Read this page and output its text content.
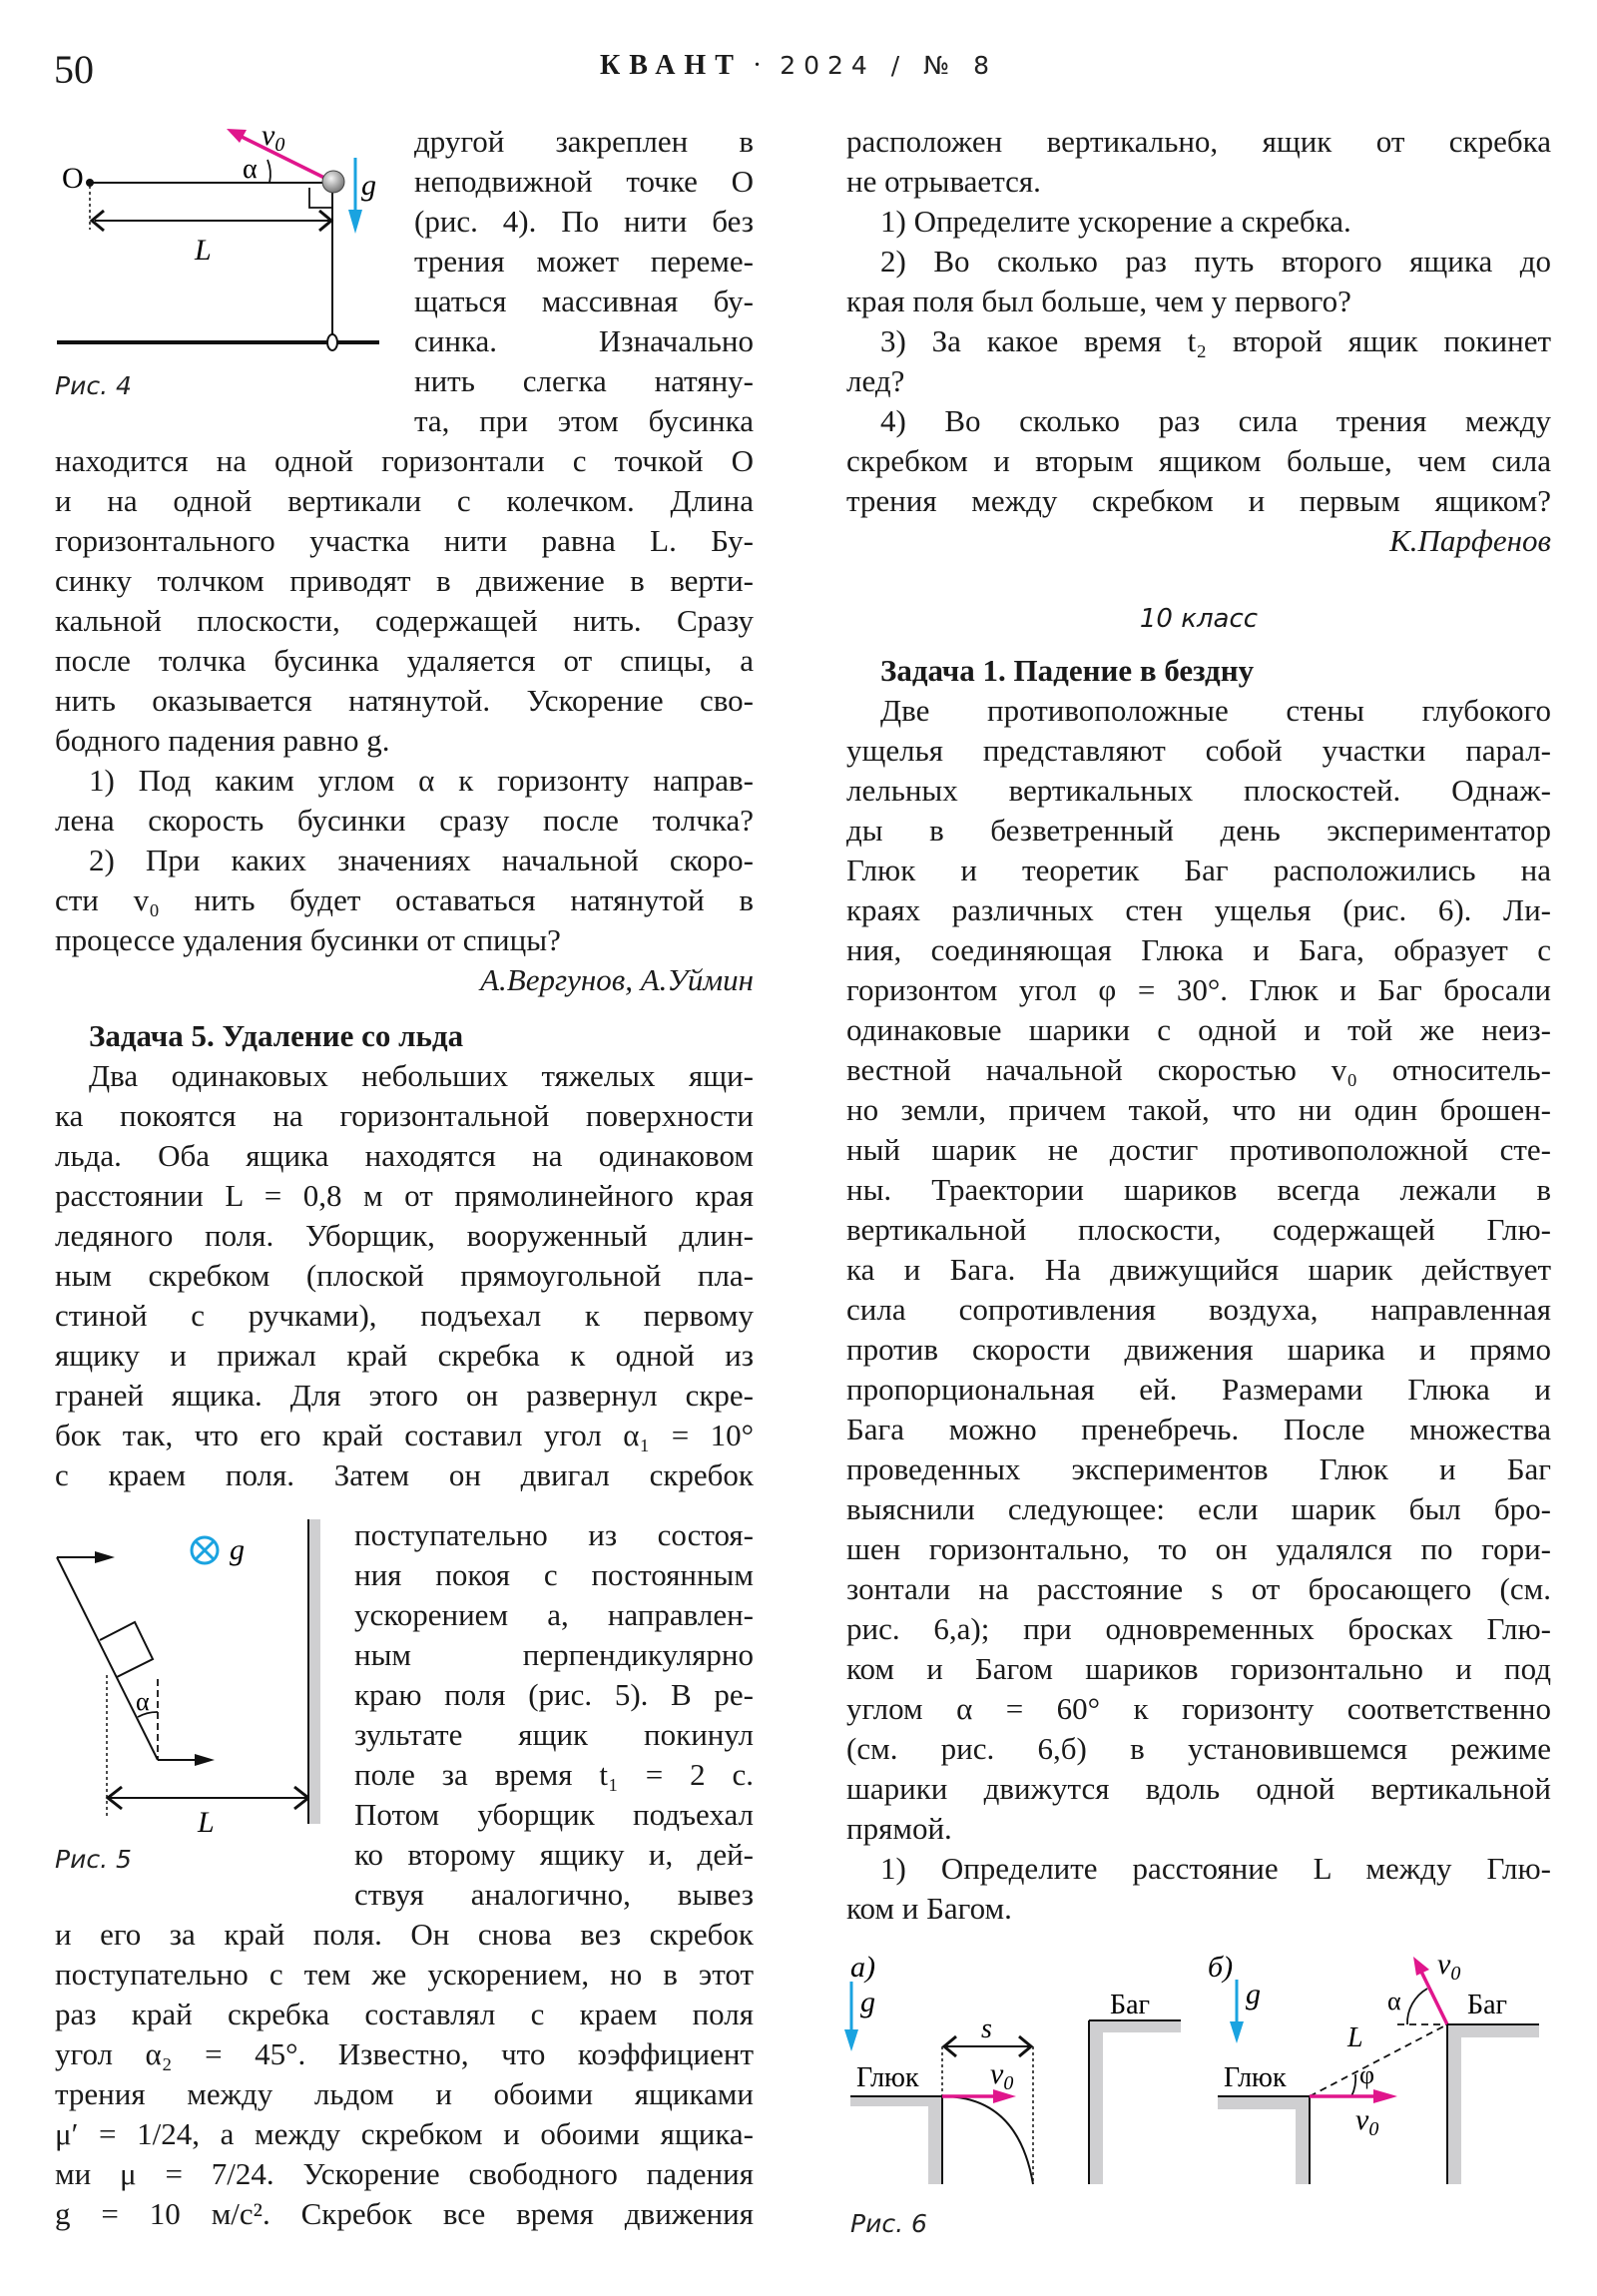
50	КВАНТ · 2024 / № 8
O
L
α
$v_0$
g
Рис. 4
другой закреплен в
неподвижной точке O
(рис. 4). По нити без
трения может переме-
щаться массивная бу-
синка. Изначально
нить слегка натяну-
та, при этом бусинка
находится на одной горизонтали с точкой O
и на одной вертикали с колечком. Длина
горизонтального участка нити равна L. Бу-
синку толчком приводят в движение в верти-
кальной плоскости, содержащей нить. Сразу
после толчка бусинка удаляется от спицы, а
нить оказывается натянутой. Ускорение сво-
бодного падения равно g.
1) Под каким углом α к горизонту направ-
лена скорость бусинки сразу после толчка?
2) При каких значениях начальной скоро-
сти v₀ нить будет оставаться натянутой в
процессе удаления бусинки от спицы?
А.Вергунов, А.Уймин
Задача 5. Удаление со льда
Два одинаковых небольших тяжелых ящи-
ка покоятся на горизонтальной поверхности
льда. Оба ящика находятся на одинаковом
расстоянии L = 0,8 м от прямолинейного края
ледяного поля. Уборщик, вооруженный длин-
ным скребком (плоской прямоугольной пла-
стиной с ручками), подъехал к первому
ящику и прижал край скребка к одной из
граней ящика. Для этого он развернул скре-
бок так, что его край составил угол α₁ = 10°
с краем поля. Затем он двигал скребок
g
α
L
Рис. 5
поступательно из состоя-
ния покоя с постоянным
ускорением a, направлен-
ным перпендикулярно
краю поля (рис. 5). В ре-
зультате ящик покинул
поле за время t₁ = 2 с.
Потом уборщик подъехал
ко второму ящику и, дей-
ствуя аналогично, вывез
и его за край поля. Он снова вез скребок
поступательно с тем же ускорением, но в этот
раз край скребка составлял с краем поля
угол α₂ = 45°. Известно, что коэффициент
трения между льдом и обоими ящиками
μ′ = 1/24, а между скребком и обоими ящика-
ми μ = 7/24. Ускорение свободного падения
g = 10 м/с². Скребок все время движения
расположен вертикально, ящик от скребка
не отрывается.
1) Определите ускорение a скребка.
2) Во сколько раз путь второго ящика до
края поля был больше, чем у первого?
3) За какое время t₂ второй ящик покинет
лед?
4) Во сколько раз сила трения между
скребком и вторым ящиком больше, чем сила
трения между скребком и первым ящиком?
К.Парфенов
10 класс
Задача 1. Падение в бездну
Две противоположные стены глубокого
ущелья представляют собой участки парал-
лельных вертикальных плоскостей. Однаж-
ды в безветренный день экспериментатор
Глюк и теоретик Баг расположились на
краях различных стен ущелья (рис. 6). Ли-
ния, соединяющая Глюка и Бага, образует с
горизонтом угол φ = 30°. Глюк и Баг бросали
одинаковые шарики с одной и той же неиз-
вестной начальной скоростью v₀ относитель-
но земли, причем такой, что ни один брошен-
ный шарик не достиг противоположной сте-
ны. Траектории шариков всегда лежали в
вертикальной плоскости, содержащей Глю-
ка и Бага. На движущийся шарик действует
сила сопротивления воздуха, направленная
против скорости движения шарика и прямо
пропорциональная ей. Размерами Глюка и
Бага можно пренебречь. После множества
проведенных экспериментов Глюк и Баг
выяснили следующее: если шарик был бро-
шен горизонтально, то он удалялся по гори-
зонтали на расстояние s от бросающего (см.
рис. 6,а); при одновременных бросках Глю-
ком и Багом шариков горизонтально и под
углом α = 60° к горизонту соответственно
(см. рис. 6,б) в установившемся режиме
шарики движутся вдоль одной вертикальной
прямой.
1) Определите расстояние L между Глю-
ком и Багом.
а)
g
Глюк
s
$v_0$
Баг
б)
g
Глюк
L
φ
$v_0$
α
$v_0$
Баг
Рис. 6
